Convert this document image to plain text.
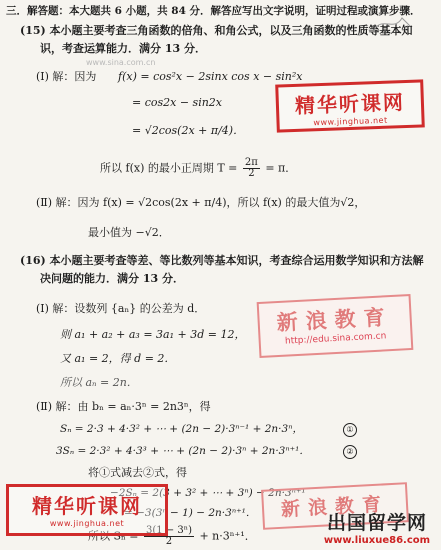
三．解答题：本大题共 6 小题，共 84 分．解答应写出文字说明，证明过程或演算步骤．
(15) 本小题主要考查三角函数的倍角、和角公式，以及三角函数的性质等基本知
识，考查运算能力．满分 13 分．
(Ⅰ) 解：因为 f(x) = cos²x − 2sinx cos x − sin²x
= cos2x − sin2x
= √2cos(2x + π/4)．
所以 f(x) 的最小正周期 $T = \frac{2\pi}{2} = \pi$．
(Ⅱ) 解：因为 f(x) = √2cos(2x + π/4)，所以 f(x) 的最大值为√2，
最小值为 −√2．
(16) 本小题主要考查等差、等比数列等基本知识，考查综合运用数学知识和方法解
决问题的能力．满分 13 分．
(Ⅰ) 解：设数列 {aₙ} 的公差为 d．
则 a₁ + a₂ + a₃ = 3a₁ + 3d = 12，
又 a₁ = 2，得 d = 2．
所以 aₙ = 2n．
(Ⅱ) 解：由 bₙ = aₙ·3ⁿ = 2n3ⁿ，得
Sₙ = 2·3 + 4·3² + ⋯ + (2n − 2)·3ⁿ⁻¹ + 2n·3ⁿ，
3Sₙ = 2·3² + 4·3³ + ⋯ + (2n − 2)·3ⁿ + 2n·3ⁿ⁺¹．
①
②
将①式减去②式，得
−2Sₙ = 2(3 + 3² + ⋯ + 3ⁿ) − 2n·3ⁿ⁺¹
= −3(3ⁿ − 1) − 2n·3ⁿ⁺¹．
所以 $S_n = \frac{\text{3(1 − 3ⁿ)}}{2} + n\cdot 3^{n+1}$．
www.sina.com.cn
精华听课网
www.jinghua.net
新浪教育
http://edu.sina.com.cn
精华听课网
www.jinghua.net
新浪教育
出国留学网
www.liuxue86.com
